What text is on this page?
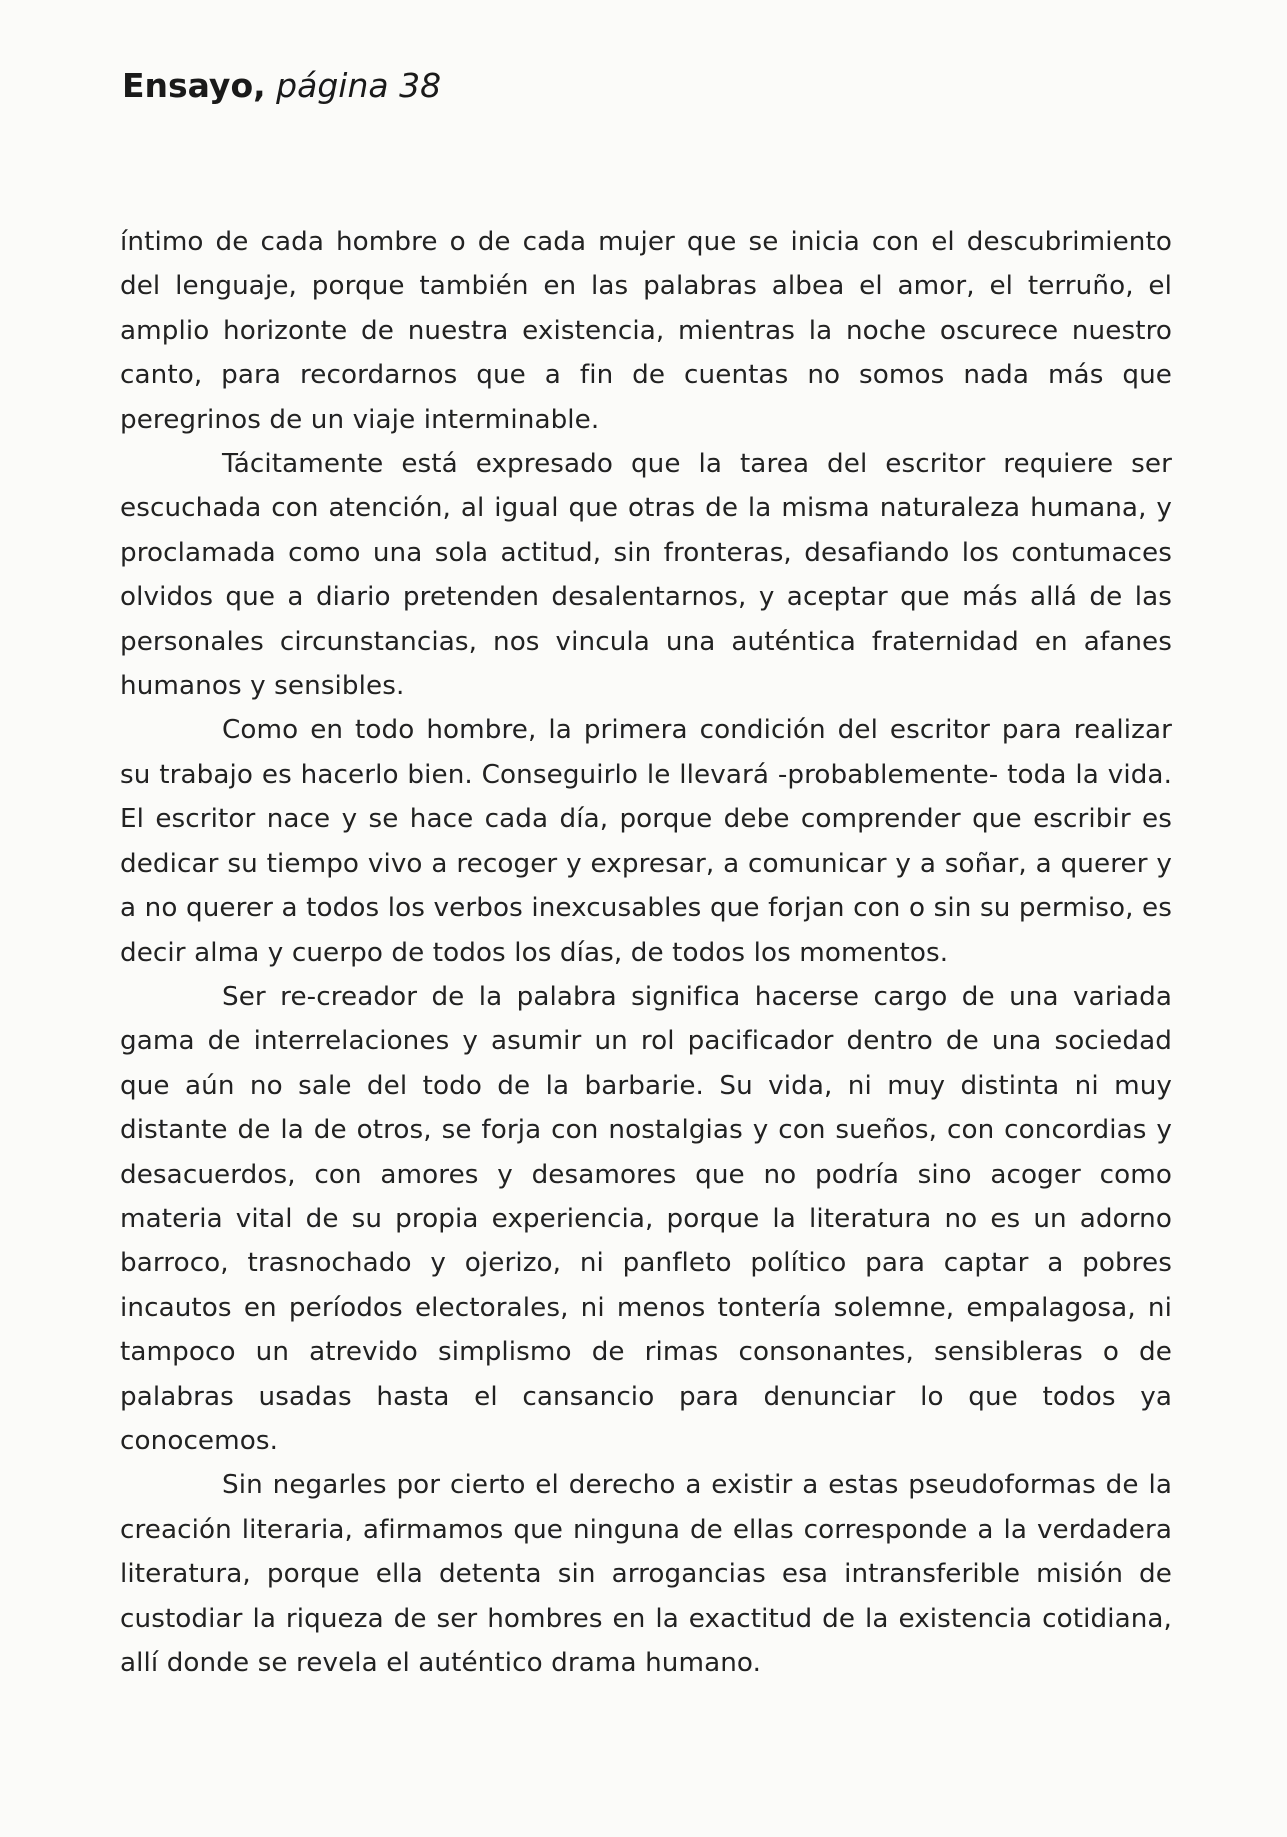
Ensayo, página 38

íntimo de cada hombre o de cada mujer que se inicia con el descubrimiento del lenguaje, porque también en las palabras albea el amor, el terruño, el amplio horizonte de nuestra existencia, mientras la noche oscurece nuestro canto, para recordarnos que a fin de cuentas no somos nada más que peregrinos de un viaje interminable.

Tácitamente está expresado que la tarea del escritor requiere ser escuchada con atención, al igual que otras de la misma naturaleza humana, y proclamada como una sola actitud, sin fronteras, desafiando los contumaces olvidos que a diario pretenden desalentarnos, y aceptar que más allá de las personales circunstancias, nos vincula una auténtica fraternidad en afanes humanos y sensibles.

Como en todo hombre, la primera condición del escritor para realizar su trabajo es hacerlo bien. Conseguirlo le llevará -probablemente- toda la vida. El escritor nace y se hace cada día, porque debe comprender que escribir es dedicar su tiempo vivo a recoger y expresar, a comunicar y a soñar, a querer y a no querer a todos los verbos inexcusables que forjan con o sin su permiso, es decir alma y cuerpo de todos los días, de todos los momentos.

Ser re-creador de la palabra significa hacerse cargo de una variada gama de interrelaciones y asumir un rol pacificador dentro de una sociedad que aún no sale del todo de la barbarie. Su vida, ni muy distinta ni muy distante de la de otros, se forja con nostalgias y con sueños, con concordias y desacuerdos, con amores y desamores que no podría sino acoger como materia vital de su propia experiencia, porque la literatura no es un adorno barroco, trasnochado y ojerizo, ni panfleto político para captar a pobres incautos en períodos electorales, ni menos tontería solemne, empalagosa, ni tampoco un atrevido simplismo de rimas consonantes, sensibleras o de palabras usadas hasta el cansancio para denunciar lo que todos ya conocemos.

Sin negarles por cierto el derecho a existir a estas pseudoformas de la creación literaria, afirmamos que ninguna de ellas corresponde a la verdadera literatura, porque ella detenta sin arrogancias esa intransferible misión de custodiar la riqueza de ser hombres en la exactitud de la existencia cotidiana, allí donde se revela el auténtico drama humano.
